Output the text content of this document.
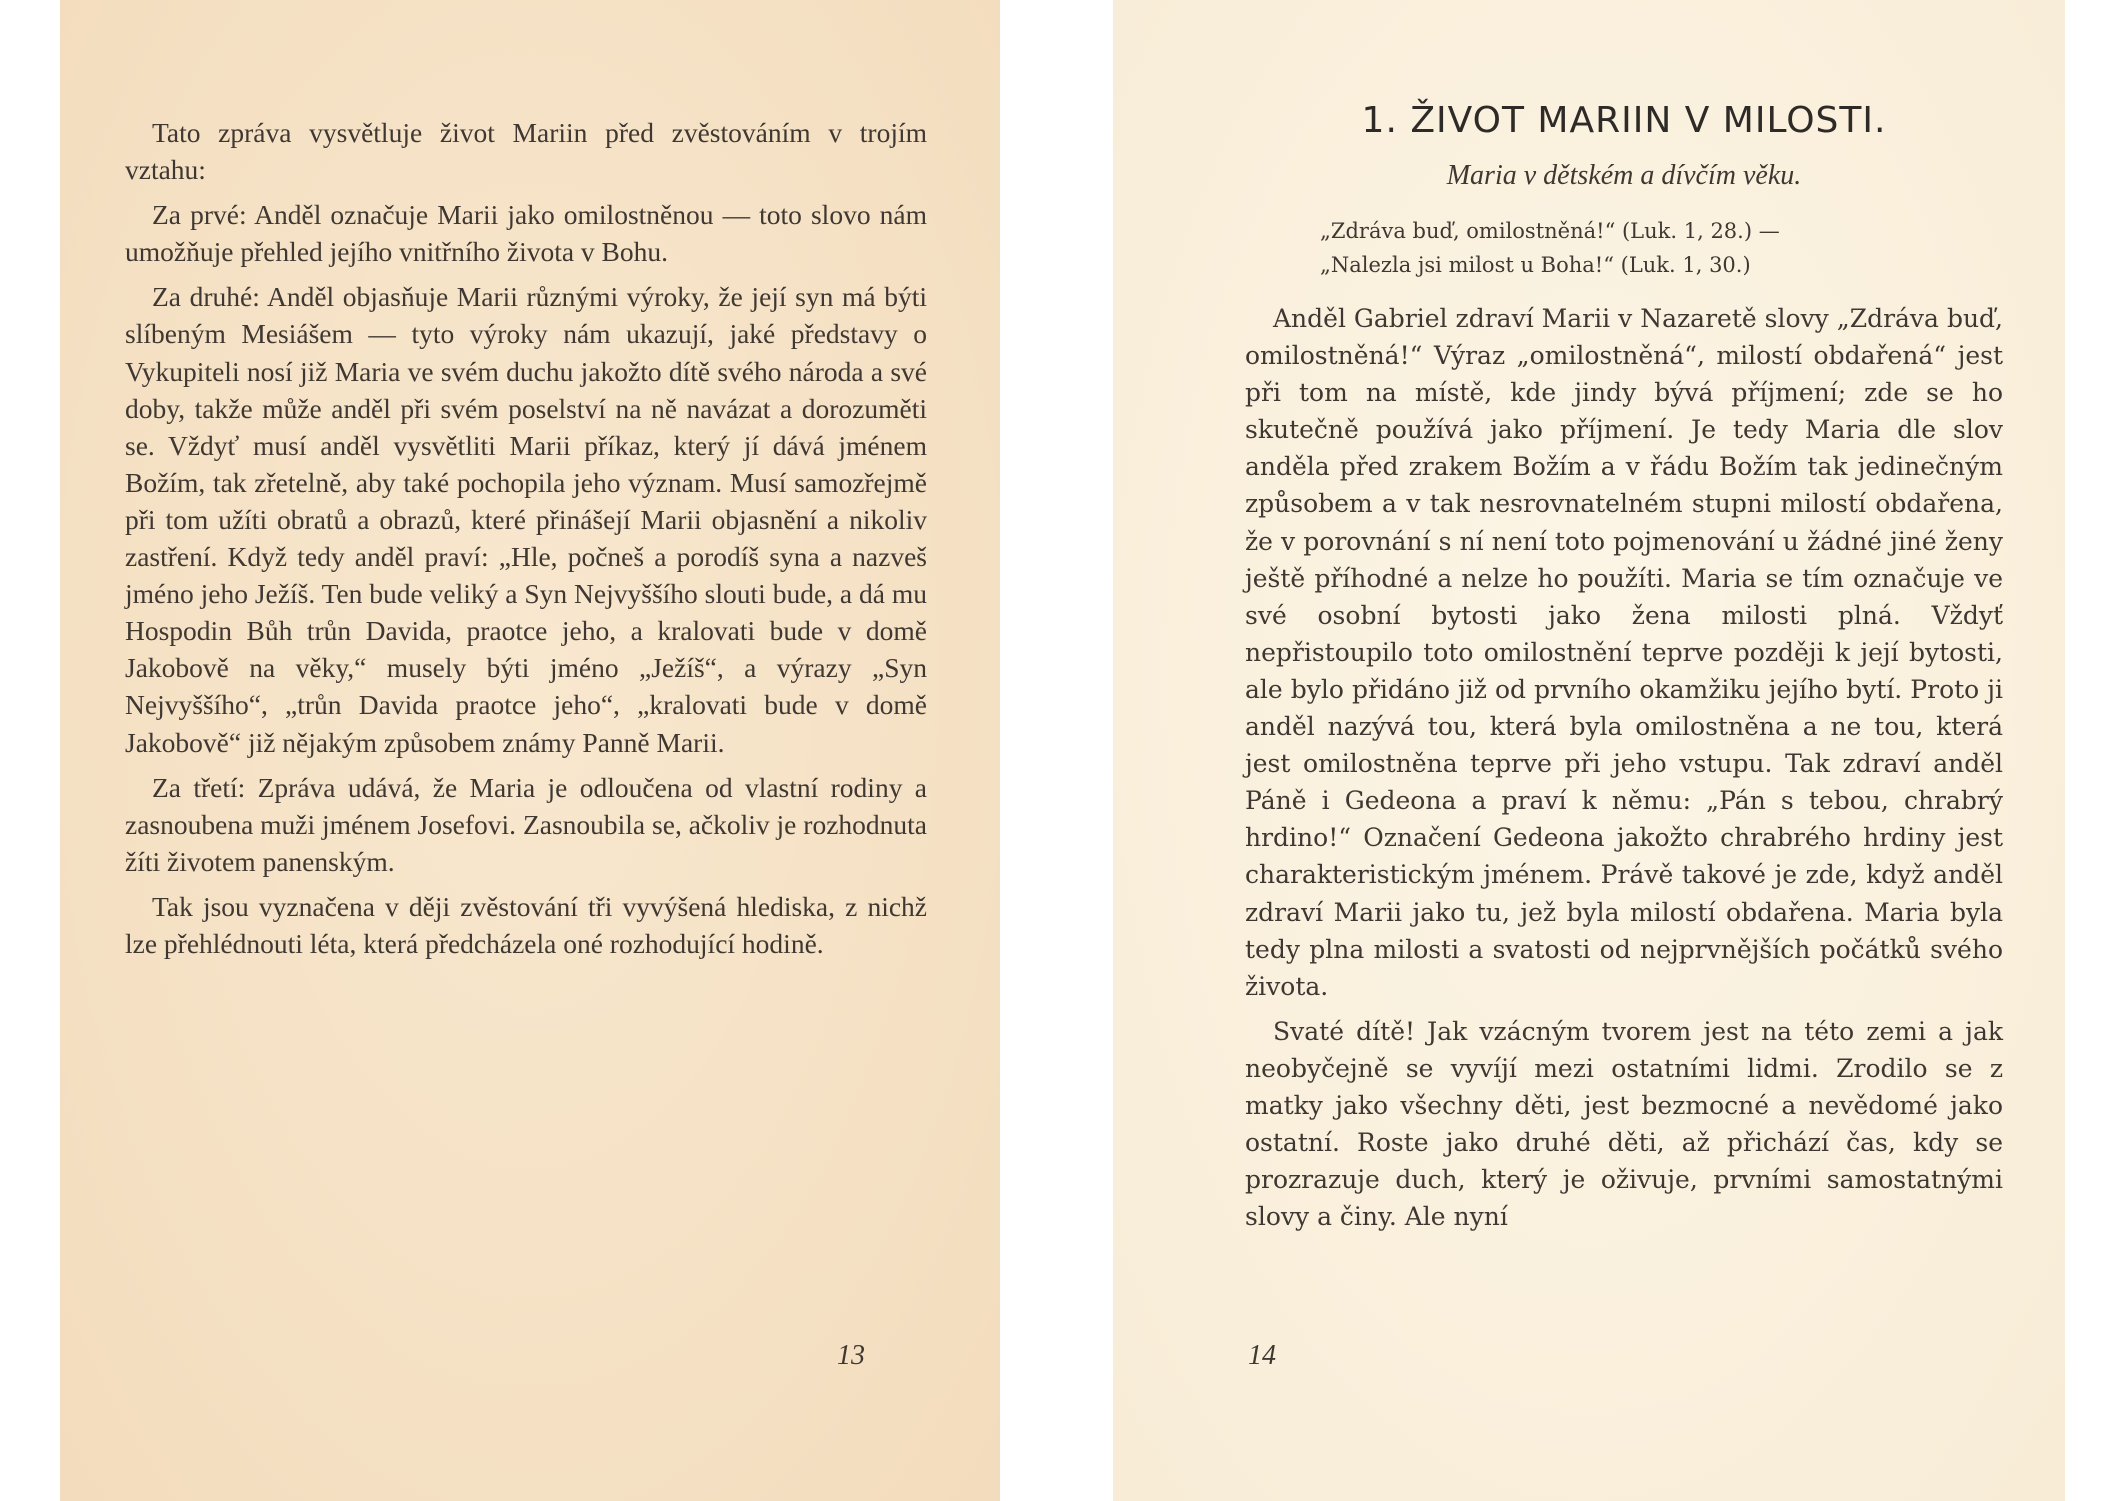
Tato zpráva vysvětluje život Mariin před zvěstováním v trojím vztahu:

Za prvé: Anděl označuje Marii jako omilostněnou — toto slovo nám umožňuje přehled jejího vnitřního života v Bohu.

Za druhé: Anděl objasňuje Marii různými výroky, že její syn má býti slíbeným Mesiášem — tyto výroky nám ukazují, jaké představy o Vykupiteli nosí již Maria ve svém duchu jakožto dítě svého národa a své doby, takže může anděl při svém poselství na ně navázat a dorozuměti se. Vždyť musí anděl vysvětliti Marii příkaz, který jí dává jménem Božím, tak zřetelně, aby také pochopila jeho význam. Musí samozřejmě při tom užíti obratů a obrazů, které přinášejí Marii objasnění a nikoliv zastření. Když tedy anděl praví: „Hle, počneš a porodíš syna a nazveš jméno jeho Ježíš. Ten bude veliký a Syn Nejvyššího slouti bude, a dá mu Hospodin Bůh trůn Davida, praotce jeho, a kralovati bude v domě Jakobově na věky,“ musely býti jméno „Ježíš“, a výrazy „Syn Nejvyššího“, „trůn Davida praotce jeho“, „kralovati bude v domě Jakobově“ již nějakým způsobem známy Panně Marii.

Za třetí: Zpráva udává, že Maria je odloučena od vlastní rodiny a zasnoubena muži jménem Josefovi. Zasnoubila se, ačkoliv je rozhodnuta žíti životem panenským.

Tak jsou vyznačena v ději zvěstování tři vyvýšená hlediska, z nichž lze přehlédnouti léta, která předcházela oné rozhodující hodině.

13
1. ŽIVOT MARIIN V MILOSTI.
Maria v dětském a dívčím věku.

„Zdráva buď, omilostněná!“ (Luk. 1, 28.) —

„Nalezla jsi milost u Boha!“ (Luk. 1, 30.)

Anděl Gabriel zdraví Marii v Nazaretě slovy „Zdráva buď, omilostněná!“ Výraz „omilostněná“, milostí obdařená“ jest při tom na místě, kde jindy bývá příjmení; zde se ho skutečně používá jako příjmení. Je tedy Maria dle slov anděla před zrakem Božím a v řádu Božím tak jedinečným způsobem a v tak nesrovnatelném stupni milostí obdařena, že v porovnání s ní není toto pojmenování u žádné jiné ženy ještě příhodné a nelze ho použíti. Maria se tím označuje ve své osobní bytosti jako žena milosti plná. Vždyť nepřistoupilo toto omilostnění teprve později k její bytosti, ale bylo přidáno již od prvního okamžiku jejího bytí. Proto ji anděl nazývá tou, která byla omilostněna a ne tou, která jest omilostněna teprve při jeho vstupu. Tak zdraví anděl Páně i Gedeona a praví k němu: „Pán s tebou, chrabrý hrdino!“ Označení Gedeona jakožto chrabrého hrdiny jest charakteristickým jménem. Právě takové je zde, když anděl zdraví Marii jako tu, jež byla milostí obdařena. Maria byla tedy plna milosti a svatosti od nejprvnějších počátků svého života.

Svaté dítě! Jak vzácným tvorem jest na této zemi a jak neobyčejně se vyvíjí mezi ostatními lidmi. Zrodilo se z matky jako všechny děti, jest bezmocné a nevědomé jako ostatní. Roste jako druhé děti, až přichází čas, kdy se prozrazuje duch, který je oživuje, prvními samostatnými slovy a činy. Ale nyní

14
